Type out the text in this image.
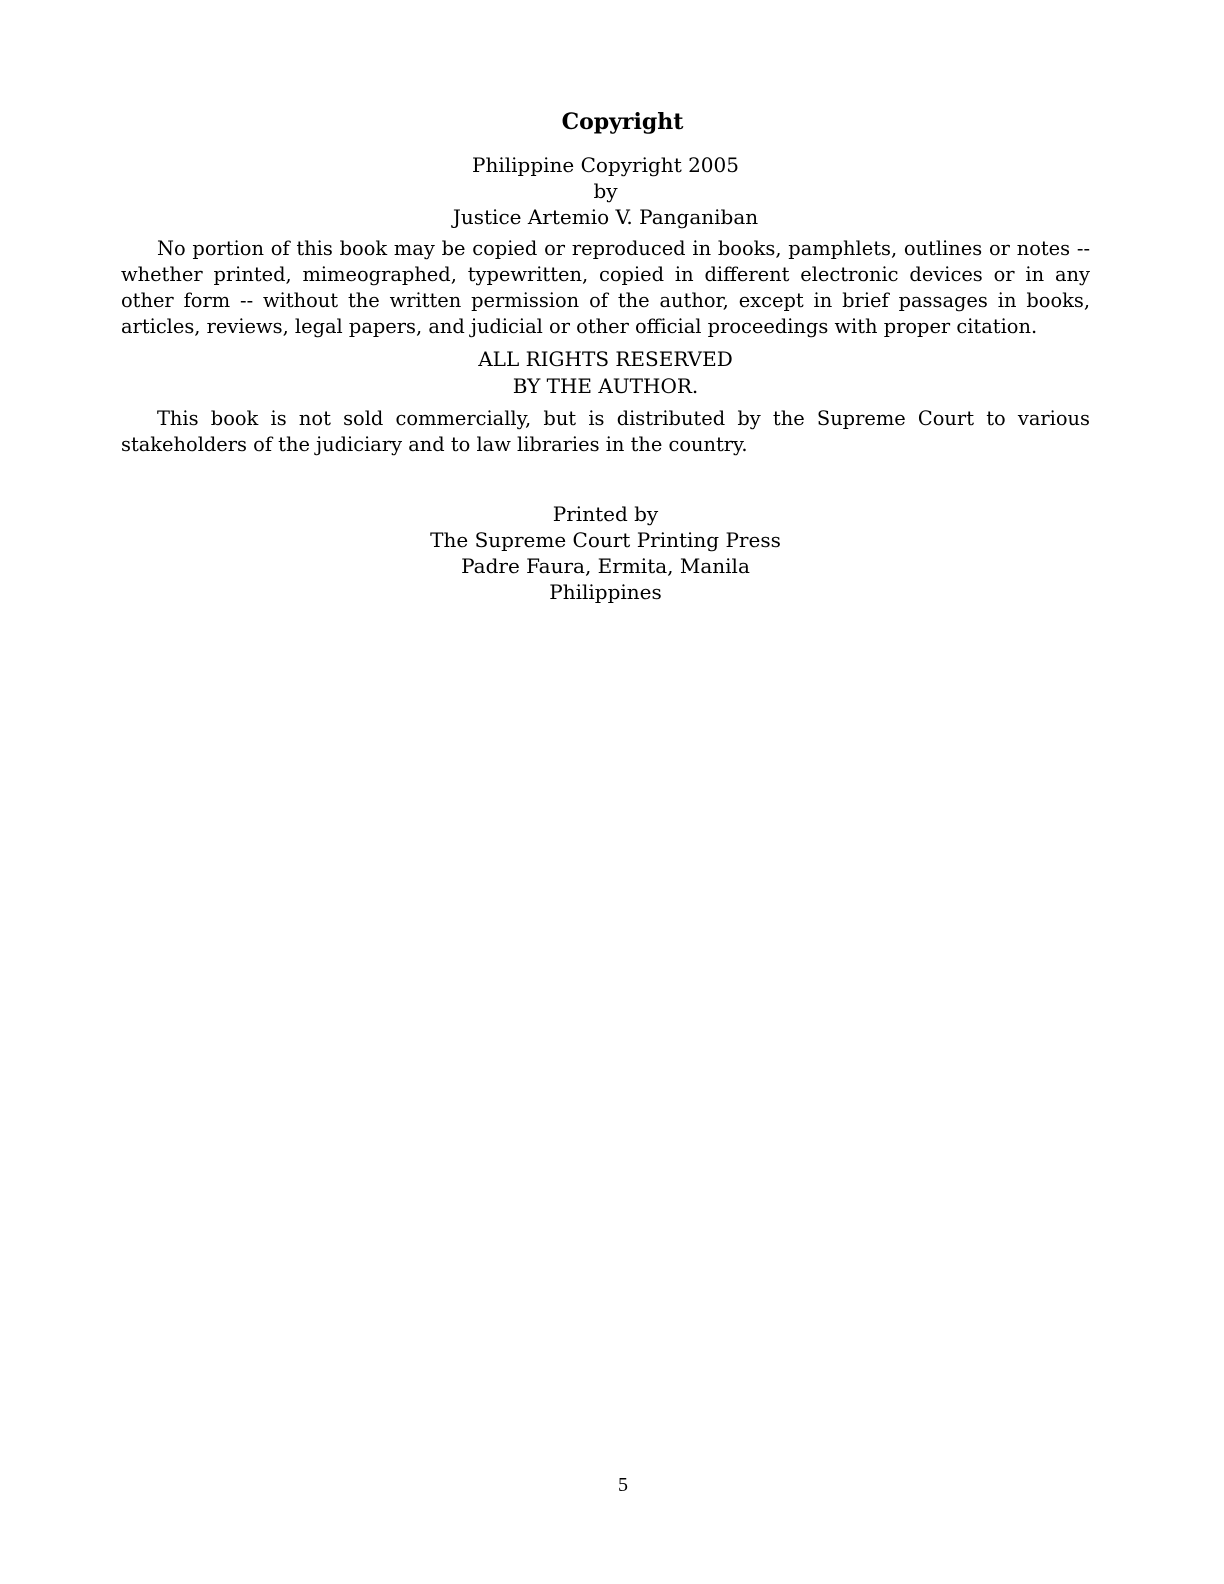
Copyright
Philippine Copyright 2005
by
Justice Artemio V. Panganiban

No portion of this book may be copied or reproduced in books, pamphlets, outlines or notes -- whether printed, mimeographed, typewritten, copied in different electronic devices or in any other form -- without the written permission of the author, except in brief passages in books, articles, reviews, legal papers, and judicial or other official proceedings with proper citation.

ALL RIGHTS RESERVED
BY THE AUTHOR.

This book is not sold commercially, but is distributed by the Supreme Court to various stakeholders of the judiciary and to law libraries in the country.

Printed by
The Supreme Court Printing Press
Padre Faura, Ermita, Manila
Philippines
5
